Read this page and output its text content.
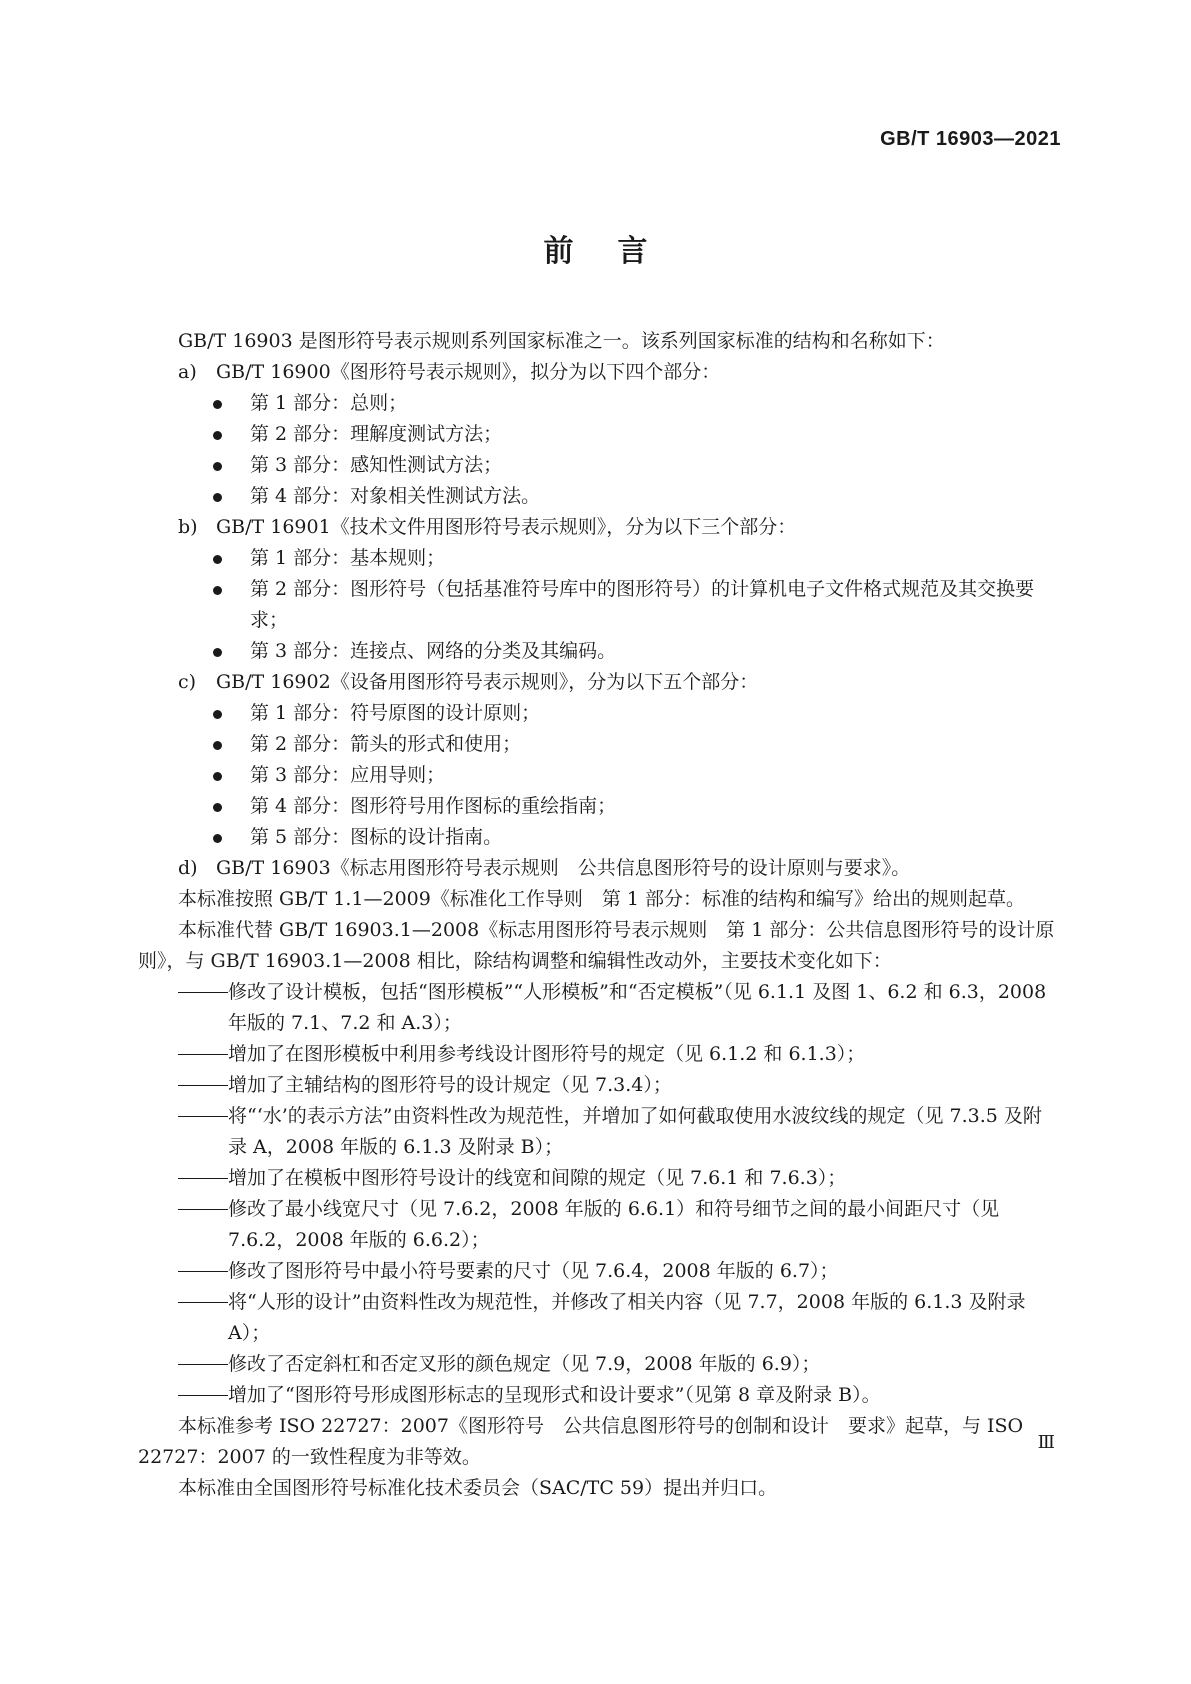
GB/T 16903—2021
前言
GB/T 16903 是图形符号表示规则系列国家标准之一。该系列国家标准的结构和名称如下：
a) GB/T 16900《图形符号表示规则》，拟分为以下四个部分：
第 1 部分：总则；
第 2 部分：理解度测试方法；
第 3 部分：感知性测试方法；
第 4 部分：对象相关性测试方法。
b) GB/T 16901《技术文件用图形符号表示规则》，分为以下三个部分：
第 1 部分：基本规则；
第 2 部分：图形符号（包括基准符号库中的图形符号）的计算机电子文件格式规范及其交换要求；
第 3 部分：连接点、网络的分类及其编码。
c) GB/T 16902《设备用图形符号表示规则》，分为以下五个部分：
第 1 部分：符号原图的设计原则；
第 2 部分：箭头的形式和使用；
第 3 部分：应用导则；
第 4 部分：图形符号用作图标的重绘指南；
第 5 部分：图标的设计指南。
d) GB/T 16903《标志用图形符号表示规则　公共信息图形符号的设计原则与要求》。
本标准按照 GB/T 1.1—2009《标准化工作导则　第 1 部分：标准的结构和编写》给出的规则起草。
本标准代替 GB/T 16903.1—2008《标志用图形符号表示规则　第 1 部分：公共信息图形符号的设计原则》，与 GB/T 16903.1—2008 相比，除结构调整和编辑性改动外，主要技术变化如下：
修改了设计模板，包括“图形模板”“人形模板”和“否定模板”（见 6.1.1 及图 1、6.2 和 6.3，2008 年版的 7.1、7.2 和 A.3）；
增加了在图形模板中利用参考线设计图形符号的规定（见 6.1.2 和 6.1.3）；
增加了主辅结构的图形符号的设计规定（见 7.3.4）；
将“‘水’的表示方法”由资料性改为规范性，并增加了如何截取使用水波纹线的规定（见 7.3.5 及附录 A，2008 年版的 6.1.3 及附录 B）；
增加了在模板中图形符号设计的线宽和间隙的规定（见 7.6.1 和 7.6.3）；
修改了最小线宽尺寸（见 7.6.2，2008 年版的 6.6.1）和符号细节之间的最小间距尺寸（见 7.6.2，2008 年版的 6.6.2）；
修改了图形符号中最小符号要素的尺寸（见 7.6.4，2008 年版的 6.7）；
将“人形的设计”由资料性改为规范性，并修改了相关内容（见 7.7，2008 年版的 6.1.3 及附录 A）；
修改了否定斜杠和否定叉形的颜色规定（见 7.9，2008 年版的 6.9）；
增加了“图形符号形成图形标志的呈现形式和设计要求”（见第 8 章及附录 B）。
本标准参考 ISO 22727：2007《图形符号　公共信息图形符号的创制和设计　要求》起草，与 ISO 22727：2007 的一致性程度为非等效。
本标准由全国图形符号标准化技术委员会（SAC/TC 59）提出并归口。
Ⅲ
